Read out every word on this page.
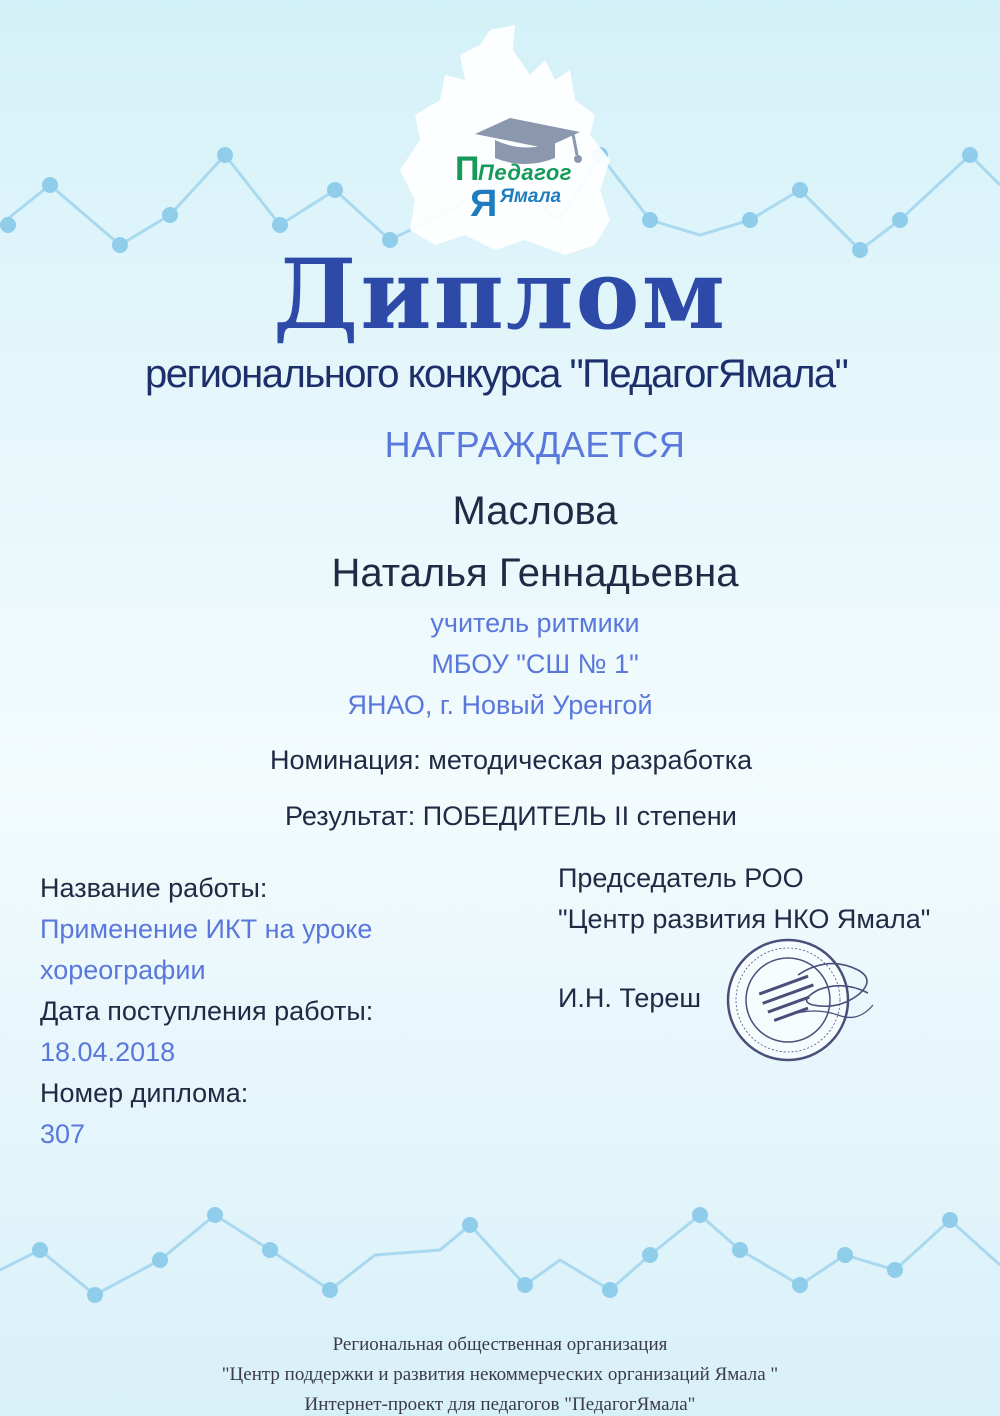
П
Педагог
Я Ямала
Диплом
регионального конкурса "ПедагогЯмала"
НАГРАЖДАЕТСЯ
Маслова
Наталья Геннадьевна
учитель ритмики
МБОУ "СШ № 1"
ЯНАО, г. Новый Уренгой
Номинация: методическая разработка
Результат: ПОБЕДИТЕЛЬ II степени
Название работы:
Применение ИКТ на уроке
хореографии
Дата поступления работы:
18.04.2018
Номер диплома:
307
Председатель РОО
"Центр развития НКО Ямала"
И.Н. Тереш
Региональная общественная организация
"Центр поддержки и развития некоммерческих организаций Ямала "
Интернет-проект для педагогов "ПедагогЯмала"
